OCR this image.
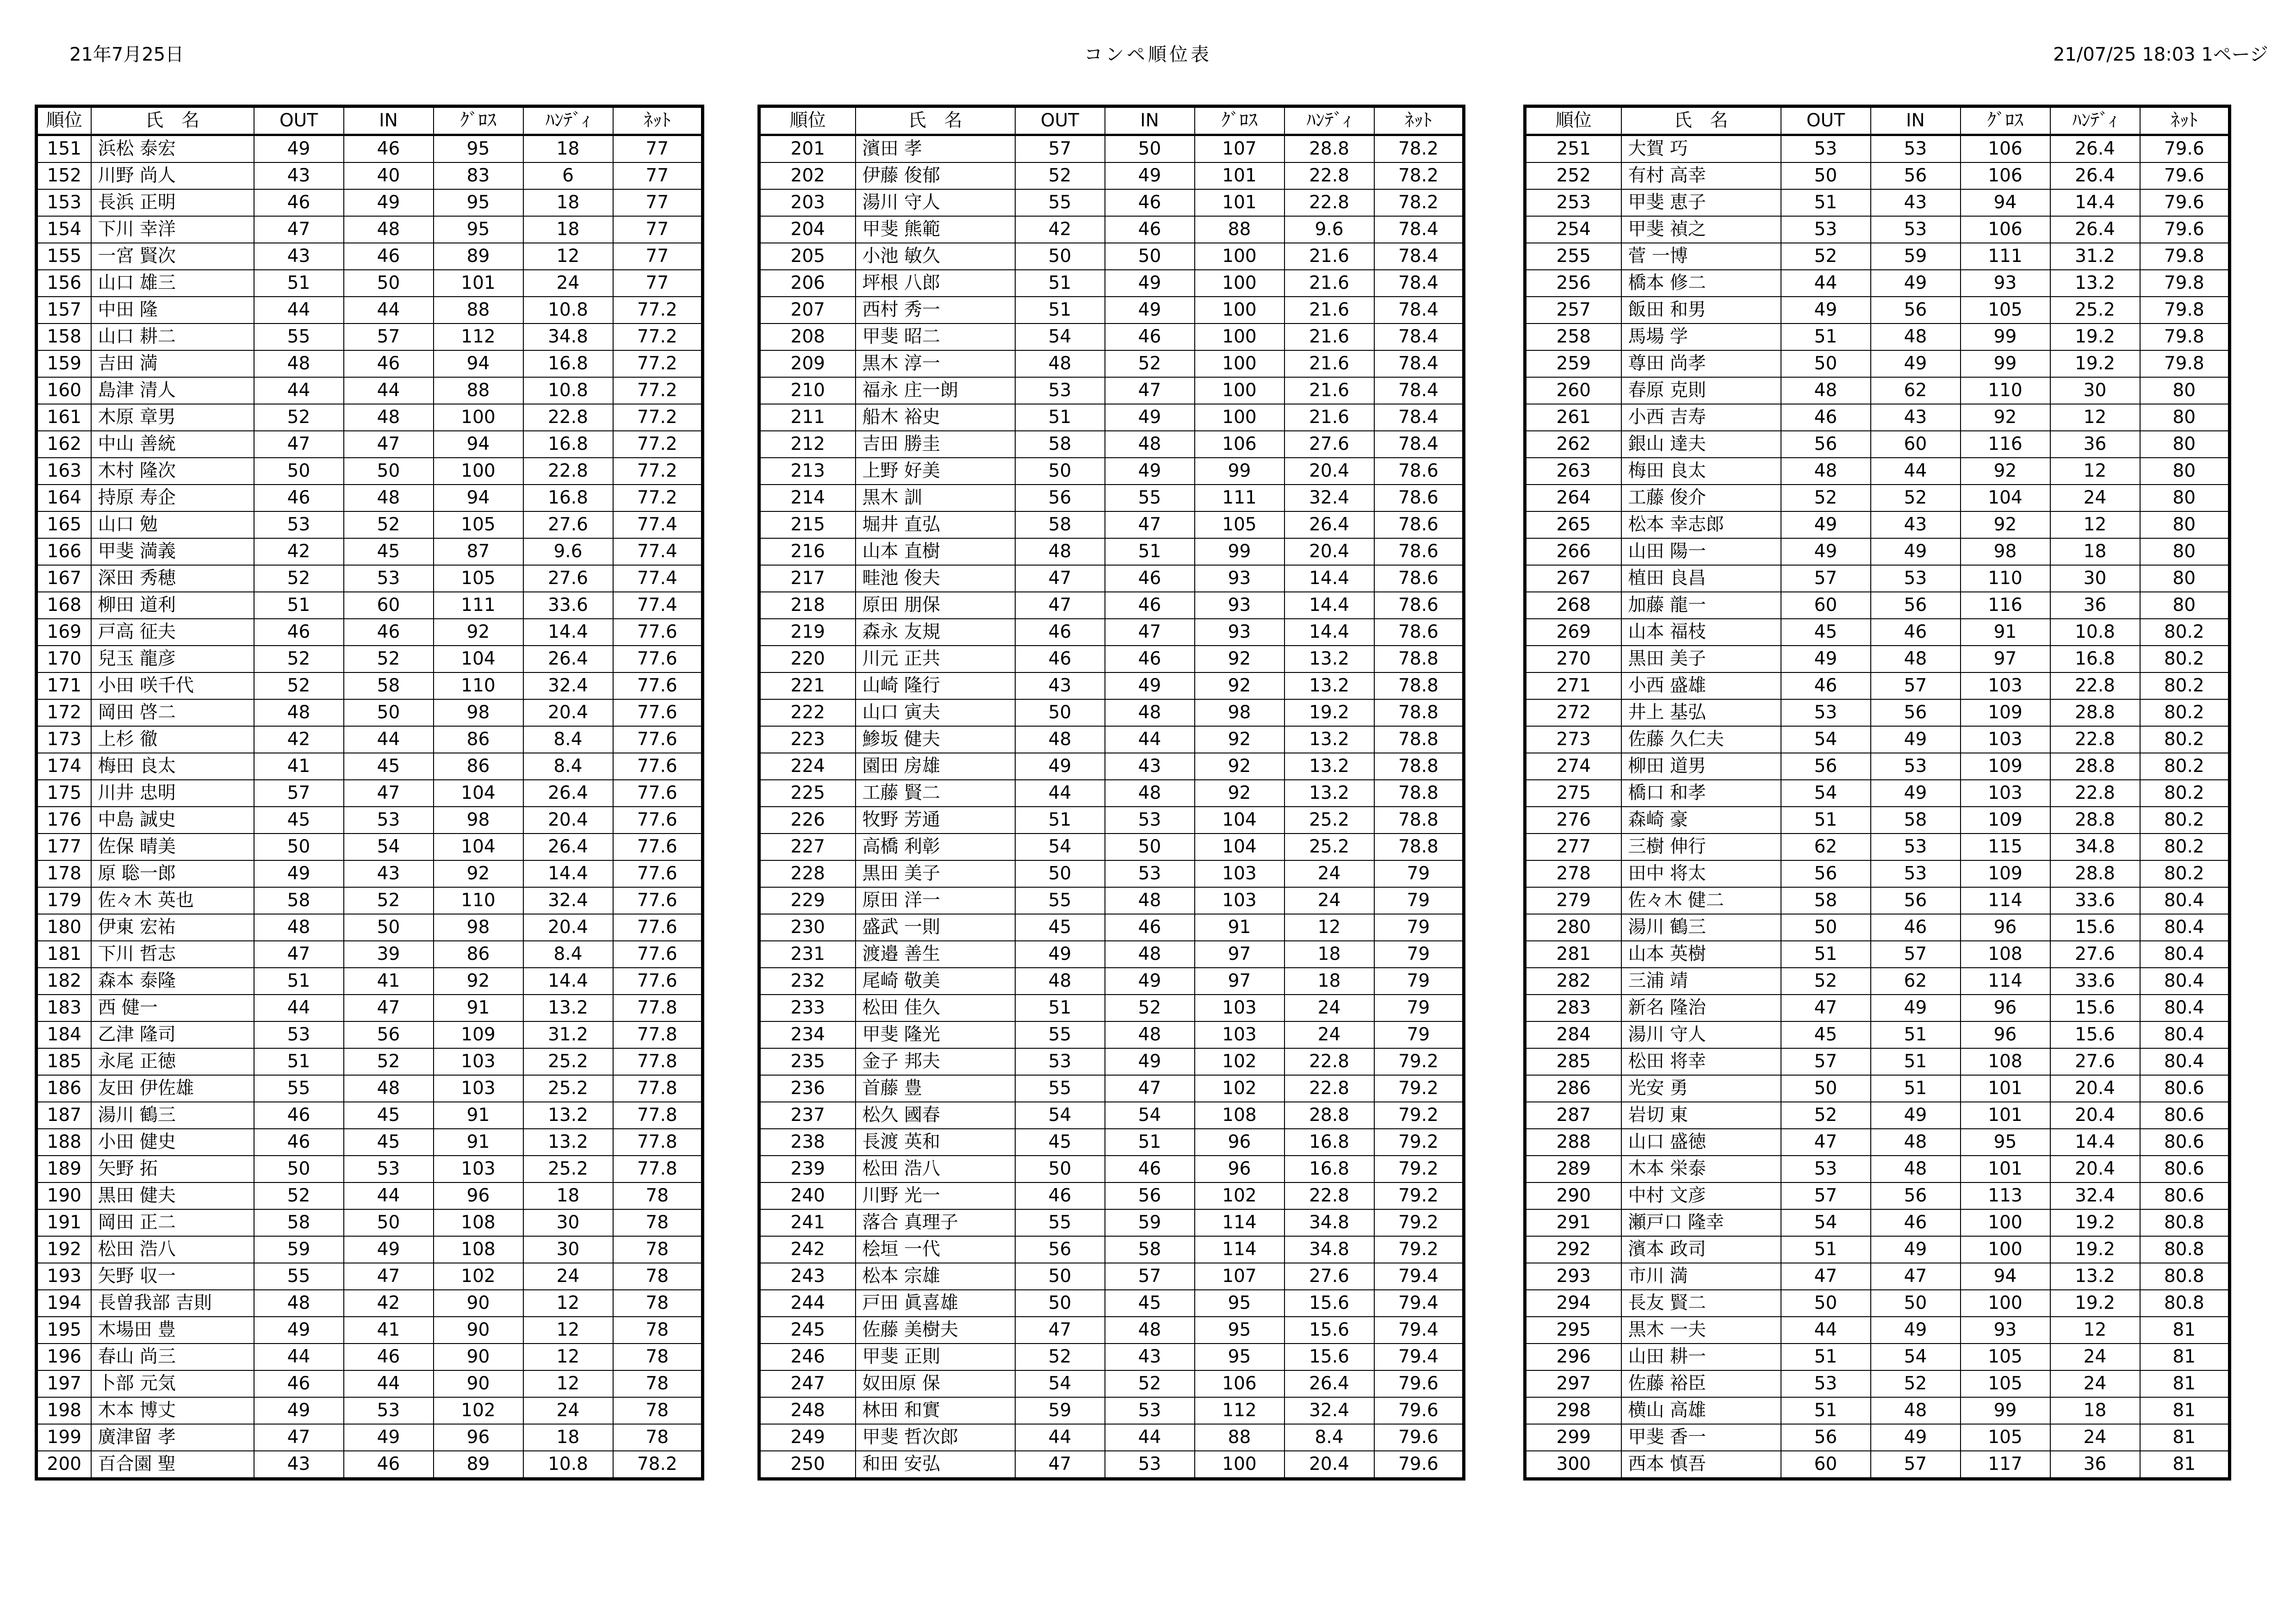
21年7月25日	コンペ順位表	21/07/25 18:03 1ページ
順位	氏　名	OUT	IN	ｸﾞﾛｽ	ﾊﾝﾃﾞｨ	ﾈｯﾄ
151	浜松 泰宏	49	46	95	18	77
152	川野 尚人	43	40	83	6	77
153	長浜 正明	46	49	95	18	77
154	下川 幸洋	47	48	95	18	77
155	一宮 賢次	43	46	89	12	77
156	山口 雄三	51	50	101	24	77
157	中田 隆	44	44	88	10.8	77.2
158	山口 耕二	55	57	112	34.8	77.2
159	吉田 満	48	46	94	16.8	77.2
160	島津 清人	44	44	88	10.8	77.2
161	木原 章男	52	48	100	22.8	77.2
162	中山 善統	47	47	94	16.8	77.2
163	木村 隆次	50	50	100	22.8	77.2
164	持原 寿企	46	48	94	16.8	77.2
165	山口 勉	53	52	105	27.6	77.4
166	甲斐 満義	42	45	87	9.6	77.4
167	深田 秀穂	52	53	105	27.6	77.4
168	柳田 道利	51	60	111	33.6	77.4
169	戸高 征夫	46	46	92	14.4	77.6
170	兒玉 龍彦	52	52	104	26.4	77.6
171	小田 咲千代	52	58	110	32.4	77.6
172	岡田 啓二	48	50	98	20.4	77.6
173	上杉 徹	42	44	86	8.4	77.6
174	梅田 良太	41	45	86	8.4	77.6
175	川井 忠明	57	47	104	26.4	77.6
176	中島 誠史	45	53	98	20.4	77.6
177	佐保 晴美	50	54	104	26.4	77.6
178	原 聡一郎	49	43	92	14.4	77.6
179	佐々木 英也	58	52	110	32.4	77.6
180	伊東 宏祐	48	50	98	20.4	77.6
181	下川 哲志	47	39	86	8.4	77.6
182	森本 泰隆	51	41	92	14.4	77.6
183	西 健一	44	47	91	13.2	77.8
184	乙津 隆司	53	56	109	31.2	77.8
185	永尾 正徳	51	52	103	25.2	77.8
186	友田 伊佐雄	55	48	103	25.2	77.8
187	湯川 鶴三	46	45	91	13.2	77.8
188	小田 健史	46	45	91	13.2	77.8
189	矢野 拓	50	53	103	25.2	77.8
190	黒田 健夫	52	44	96	18	78
191	岡田 正二	58	50	108	30	78
192	松田 浩八	59	49	108	30	78
193	矢野 収一	55	47	102	24	78
194	長曽我部 吉則	48	42	90	12	78
195	木場田 豊	49	41	90	12	78
196	春山 尚三	44	46	90	12	78
197	卜部 元気	46	44	90	12	78
198	木本 博丈	49	53	102	24	78
199	廣津留 孝	47	49	96	18	78
200	百合園 聖	43	46	89	10.8	78.2
順位	氏　名	OUT	IN	ｸﾞﾛｽ	ﾊﾝﾃﾞｨ	ﾈｯﾄ
201	濱田 孝	57	50	107	28.8	78.2
202	伊藤 俊郁	52	49	101	22.8	78.2
203	湯川 守人	55	46	101	22.8	78.2
204	甲斐 熊範	42	46	88	9.6	78.4
205	小池 敏久	50	50	100	21.6	78.4
206	坪根 八郎	51	49	100	21.6	78.4
207	西村 秀一	51	49	100	21.6	78.4
208	甲斐 昭二	54	46	100	21.6	78.4
209	黒木 淳一	48	52	100	21.6	78.4
210	福永 庄一朗	53	47	100	21.6	78.4
211	船木 裕史	51	49	100	21.6	78.4
212	吉田 勝圭	58	48	106	27.6	78.4
213	上野 好美	50	49	99	20.4	78.6
214	黒木 訓	56	55	111	32.4	78.6
215	堀井 直弘	58	47	105	26.4	78.6
216	山本 直樹	48	51	99	20.4	78.6
217	畦池 俊夫	47	46	93	14.4	78.6
218	原田 朋保	47	46	93	14.4	78.6
219	森永 友規	46	47	93	14.4	78.6
220	川元 正共	46	46	92	13.2	78.8
221	山崎 隆行	43	49	92	13.2	78.8
222	山口 寅夫	50	48	98	19.2	78.8
223	鯵坂 健夫	48	44	92	13.2	78.8
224	園田 房雄	49	43	92	13.2	78.8
225	工藤 賢二	44	48	92	13.2	78.8
226	牧野 芳通	51	53	104	25.2	78.8
227	高橋 利彰	54	50	104	25.2	78.8
228	黒田 美子	50	53	103	24	79
229	原田 洋一	55	48	103	24	79
230	盛武 一則	45	46	91	12	79
231	渡邉 善生	49	48	97	18	79
232	尾崎 敬美	48	49	97	18	79
233	松田 佳久	51	52	103	24	79
234	甲斐 隆光	55	48	103	24	79
235	金子 邦夫	53	49	102	22.8	79.2
236	首藤 豊	55	47	102	22.8	79.2
237	松久 國春	54	54	108	28.8	79.2
238	長渡 英和	45	51	96	16.8	79.2
239	松田 浩八	50	46	96	16.8	79.2
240	川野 光一	46	56	102	22.8	79.2
241	落合 真理子	55	59	114	34.8	79.2
242	桧垣 一代	56	58	114	34.8	79.2
243	松本 宗雄	50	57	107	27.6	79.4
244	戸田 眞喜雄	50	45	95	15.6	79.4
245	佐藤 美樹夫	47	48	95	15.6	79.4
246	甲斐 正則	52	43	95	15.6	79.4
247	奴田原 保	54	52	106	26.4	79.6
248	林田 和實	59	53	112	32.4	79.6
249	甲斐 哲次郎	44	44	88	8.4	79.6
250	和田 安弘	47	53	100	20.4	79.6
順位	氏　名	OUT	IN	ｸﾞﾛｽ	ﾊﾝﾃﾞｨ	ﾈｯﾄ
251	大賀 巧	53	53	106	26.4	79.6
252	有村 高幸	50	56	106	26.4	79.6
253	甲斐 恵子	51	43	94	14.4	79.6
254	甲斐 禎之	53	53	106	26.4	79.6
255	菅 一博	52	59	111	31.2	79.8
256	橋本 修二	44	49	93	13.2	79.8
257	飯田 和男	49	56	105	25.2	79.8
258	馬場 学	51	48	99	19.2	79.8
259	尊田 尚孝	50	49	99	19.2	79.8
260	春原 克則	48	62	110	30	80
261	小西 吉寿	46	43	92	12	80
262	銀山 達夫	56	60	116	36	80
263	梅田 良太	48	44	92	12	80
264	工藤 俊介	52	52	104	24	80
265	松本 幸志郎	49	43	92	12	80
266	山田 陽一	49	49	98	18	80
267	植田 良昌	57	53	110	30	80
268	加藤 龍一	60	56	116	36	80
269	山本 福枝	45	46	91	10.8	80.2
270	黒田 美子	49	48	97	16.8	80.2
271	小西 盛雄	46	57	103	22.8	80.2
272	井上 基弘	53	56	109	28.8	80.2
273	佐藤 久仁夫	54	49	103	22.8	80.2
274	柳田 道男	56	53	109	28.8	80.2
275	橋口 和孝	54	49	103	22.8	80.2
276	森崎 豪	51	58	109	28.8	80.2
277	三樹 伸行	62	53	115	34.8	80.2
278	田中 将太	56	53	109	28.8	80.2
279	佐々木 健二	58	56	114	33.6	80.4
280	湯川 鶴三	50	46	96	15.6	80.4
281	山本 英樹	51	57	108	27.6	80.4
282	三浦 靖	52	62	114	33.6	80.4
283	新名 隆治	47	49	96	15.6	80.4
284	湯川 守人	45	51	96	15.6	80.4
285	松田 将幸	57	51	108	27.6	80.4
286	光安 勇	50	51	101	20.4	80.6
287	岩切 東	52	49	101	20.4	80.6
288	山口 盛徳	47	48	95	14.4	80.6
289	木本 栄泰	53	48	101	20.4	80.6
290	中村 文彦	57	56	113	32.4	80.6
291	瀬戸口 隆幸	54	46	100	19.2	80.8
292	濱本 政司	51	49	100	19.2	80.8
293	市川 満	47	47	94	13.2	80.8
294	長友 賢二	50	50	100	19.2	80.8
295	黒木 一夫	44	49	93	12	81
296	山田 耕一	51	54	105	24	81
297	佐藤 裕臣	53	52	105	24	81
298	横山 高雄	51	48	99	18	81
299	甲斐 香一	56	49	105	24	81
300	西本 慎吾	60	57	117	36	81
